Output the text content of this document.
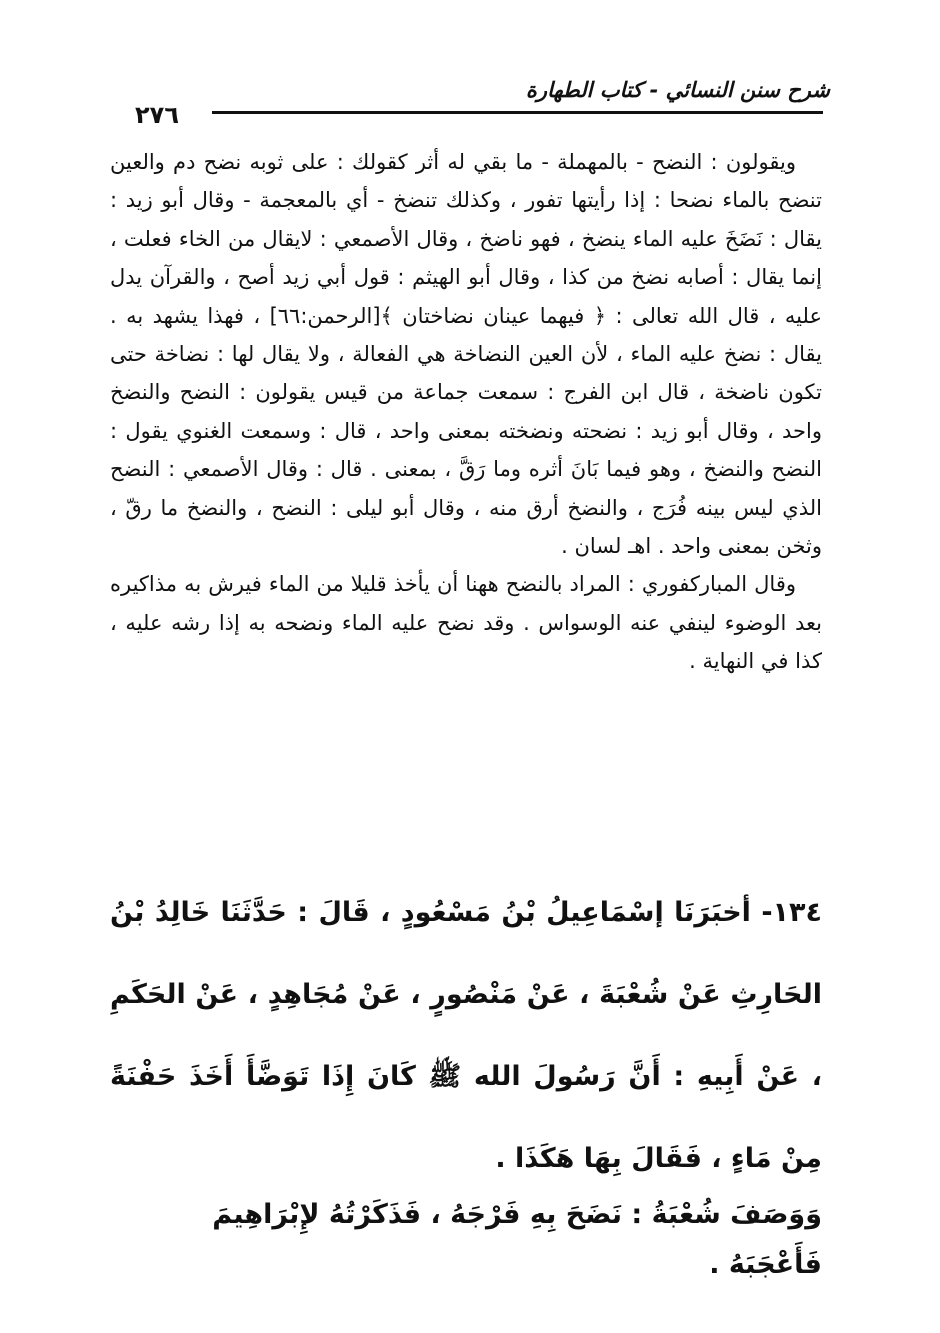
شرح سنن النسائي - كتاب الطهارة
٢٧٦

ويقولون : النضح - بالمهملة - ما بقي له أثر كقولك : على ثوبه نضح دم والعين تنضح بالماء نضحا : إذا رأيتها تفور ، وكذلك تنضخ - أي بالمعجمة - وقال أبو زيد : يقال : نَضَخَ عليه الماء ينضخ ، فهو ناضخ ، وقال الأصمعي : لايقال من الخاء فعلت ، إنما يقال : أصابه نضخ من كذا ، وقال أبو الهيثم : قول أبي زيد أصح ، والقرآن يدل عليه ، قال الله تعالى : ﴿ فيهما عينان نضاختان ﴾[الرحمن:٦٦] ، فهذا يشهد به . يقال : نضخ عليه الماء ، لأن العين النضاخة هي الفعالة ، ولا يقال لها : نضاخة حتى تكون ناضخة ، قال ابن الفرج : سمعت جماعة من قيس يقولون : النضح والنضخ واحد ، وقال أبو زيد : نضحته ونضخته بمعنى واحد ، قال : وسمعت الغنوي يقول : النضح والنضخ ، وهو فيما بَانَ أثره وما رَقَّ ، بمعنى . قال : وقال الأصمعي : النضح الذي ليس بينه فُرَج ، والنضخ أرق منه ، وقال أبو ليلى : النضح ، والنضخ ما رقّ ، وثخن بمعنى واحد . اهـ لسان .

وقال المباركفوري : المراد بالنضح ههنا أن يأخذ قليلا من الماء فيرش به مذاكيره بعد الوضوء لينفي عنه الوسواس . وقد نضح عليه الماء ونضحه به إذا رشه عليه ، كذا في النهاية .

١٣٤- أخبَرَنَا إسْمَاعِيلُ بْنُ مَسْعُودٍ ، قَالَ : حَدَّثَنَا خَالِدُ بْنُ الحَارِثِ عَنْ شُعْبَةَ ، عَنْ مَنْصُورٍ ، عَنْ مُجَاهِدٍ ، عَنْ الحَكَمِ ، عَنْ أَبِيهِ : أَنَّ رَسُولَ الله ﷺ كَانَ إِذَا تَوَضَّأَ أَخَذَ حَفْنَةً مِنْ مَاءٍ ، فَقَالَ بِهَا هَكَذَا .

وَوَصَفَ شُعْبَةُ : نَضَحَ بِهِ فَرْجَهُ ، فَذَكَرْتُهُ لإِبْرَاهِيمَ فَأَعْجَبَهُ .
